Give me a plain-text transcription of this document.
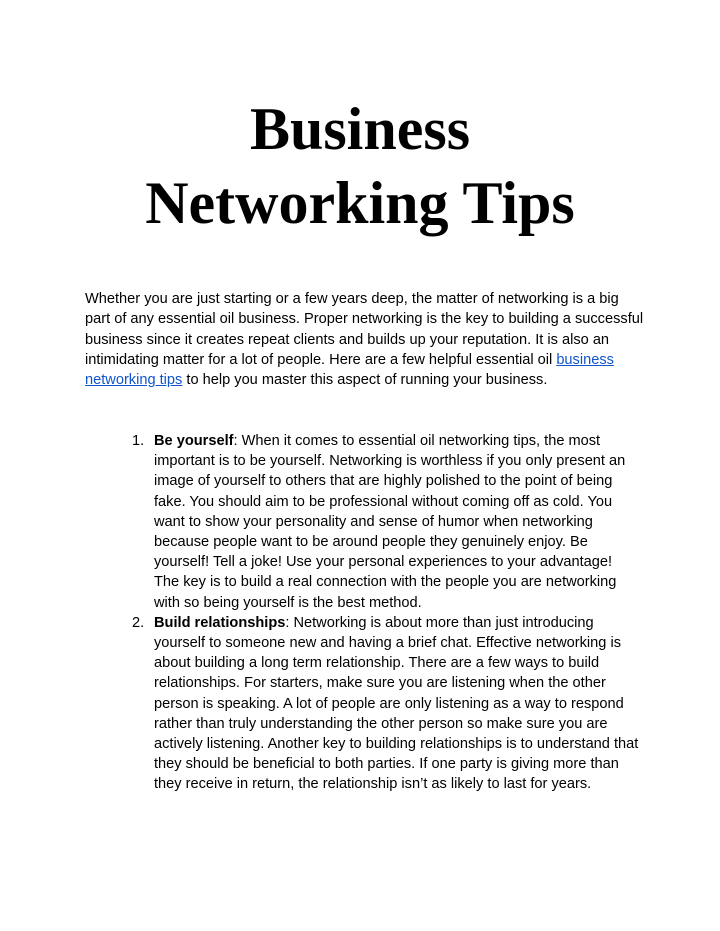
Business
Networking Tips

Whether you are just starting or a few years deep, the matter of networking is a big part of any essential oil business. Proper networking is the key to building a successful business since it creates repeat clients and builds up your reputation. It is also an intimidating matter for a lot of people. Here are a few helpful essential oil business networking tips to help you master this aspect of running your business.

1. Be yourself: When it comes to essential oil networking tips, the most important is to be yourself. Networking is worthless if you only present an image of yourself to others that are highly polished to the point of being fake. You should aim to be professional without coming off as cold. You want to show your personality and sense of humor when networking because people want to be around people they genuinely enjoy. Be yourself! Tell a joke! Use your personal experiences to your advantage! The key is to build a real connection with the people you are networking with so being yourself is the best method.
2. Build relationships: Networking is about more than just introducing yourself to someone new and having a brief chat. Effective networking is about building a long term relationship. There are a few ways to build relationships. For starters, make sure you are listening when the other person is speaking. A lot of people are only listening as a way to respond rather than truly understanding the other person so make sure you are actively listening. Another key to building relationships is to understand that they should be beneficial to both parties. If one party is giving more than they receive in return, the relationship isn’t as likely to last for years.
